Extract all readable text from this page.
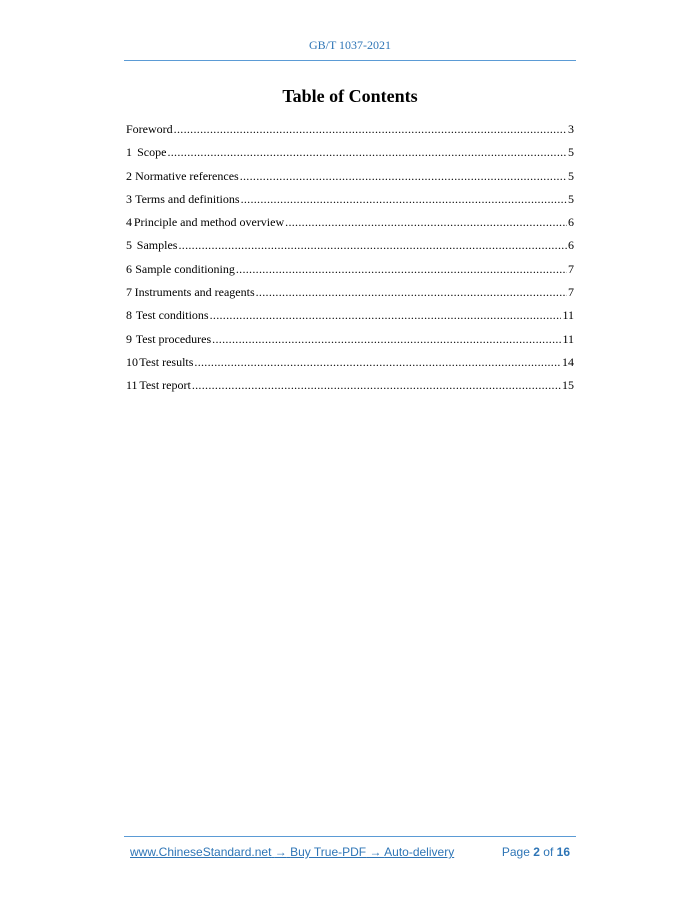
GB/T 1037-2021
Table of Contents
Foreword .....	3
1 Scope .....	5
2 Normative references .....	5
3 Terms and definitions .....	5
4 Principle and method overview .....	6
5 Samples .....	6
6 Sample conditioning .....	7
7 Instruments and reagents .....	7
8 Test conditions .....	11
9 Test procedures .....	11
10 Test results .....	14
11 Test report .....	15
www.ChineseStandard.net → Buy True-PDF → Auto-delivery	Page 2 of 16
